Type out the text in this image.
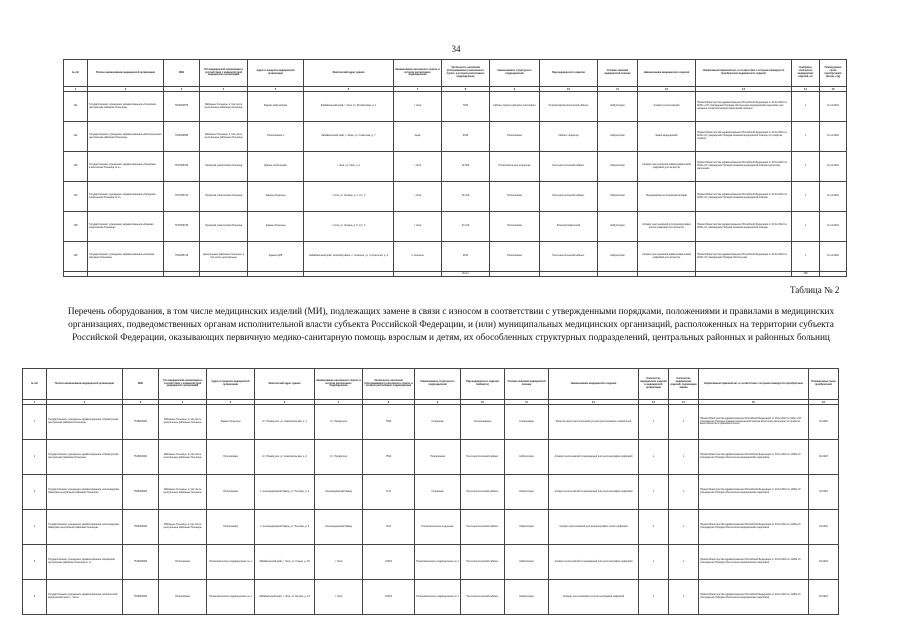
34
№ п/п	Полное наименование медицинской организации	ИНН	Тип медицинской организации в соответствии с номенклатурой медицинских организаций	Адрес в пределах медицинской организации	Фактический адрес здания	Наименование населенного пункта, в котором расположено подразделение	Численность населения (обслуживаемого) населенного пункта, в котором расположено подразделение	Наименование структурного подразделения	Вид медицинского изделия	Условие оказания медицинской помощи	Наименование медицинского изделия	Нормативный правовой акт, в соответствии с которым планируется приобретение медицинского изделия	Требуемое количество медицинских изделий, шт	Планируемые сроки приобретения (месяц, год)
1	2	3	4	5	6	7	8	9	10	11	12	13	14	15
101	Государственное учреждение здравоохранения «Хилокская центральная районная больница»	7524004875	Районные больницы, в том числе центральные районные больницы	Здание амбулатории	Забайкальский край, г. Чита, ул. Богомягкова, д. 1	г. Чита	7003	Кабинет врача-терапевта участкового	Оториноларингологический кабинет	Амбулаторно	Аппарат рентгеновский	Приказ Министерства здравоохранения Российской Федерации от 20.12.2012 № 1183н «Об утверждении Порядка обеспечения медицинскими изделиями для оказания первичной медико-санитарной помощи»	1	11.12.2024
102	Государственное учреждение здравоохранения «Шелопугинская центральная районная больница»	7524009968	Районные больницы, в том числе центральные районные больницы	Поликлиника 1	Забайкальский край, с. Кыра, ул. Советская, д. 7	Кыра	6346	Поликлиника	Кабинет педиатра	Амбулаторно	Шкаф медицинский	Приказ Министерства здравоохранения Российской Федерации от 20.12.2012 № 1183н об утверждении Порядка оказания медицинской помощи по профилю терапия	1	11.12.2024
103	Государственное учреждение здравоохранения «Городская клиническая больница № 1»	7537009763	Городская клиническая больница	Здание поликлиники	г. Чита, ул. Лазо, д. 1	г. Чита	32 366	Поликлиническое отделение	Рентгенологический кабинет	Амбулаторно	Аппарат рентгеновский маммографический цифровой для экспертиз	Приказ Министерства здравоохранения Российской Федерации от 20.12.2012 № 1183н об утверждении Порядка оказания медицинской помощи взрослому населению	1	11.12.2024
104	Государственное учреждение здравоохранения «Городская клиническая больница № 2»	7537009744	Городская клиническая больница	Здание больницы	г. Чита, ул. Ленина, д. 2, стр. 3	г. Чита	26 416	Поликлиника	Рентгенологический кабинет	Амбулаторно	Передвижной рентгеновский аппарат	Приказ Министерства здравоохранения Российской Федерации от 20.12.2012 № 1183н об утверждении Порядка оказания медицинской помощи	1	11.12.2024
105	Государственное учреждение здравоохранения «Краевая клиническая больница»	7537009745	Городская клиническая больница	Здание больницы	г. Чита, ул. Ленина, д. 5, стр. 3	г. Чита	23 416	Поликлиника	Флюорографический	Амбулаторно	Аппарат рентгеновский для флюорографии легких цифровой для экспертиз	Приказ Министерства здравоохранения Российской Федерации от 20.12.2012 № 1183н об утверждении Порядка оказания медицинской помощи	1	11.12.2024
106	Государственное учреждение здравоохранения «Агинская окружная больница»	7531006719	Центральные районные больницы, в том числе центральные	Здание ЦРБ	Забайкальский край, Агинский район, п. Агинское, ул. Строителей, д. 9	п. Агинское	2914	Поликлиника	Рентгенологический кабинет	Амбулаторно	Аппарат рентгеновский маммографический цифровой для экспертиз	Приказ Министерства здравоохранения Российской Федерации от 20.12.2012 № 1183н об утверждении Порядка обеспечения	1	11.12.2022
							Итого						135	
Таблица № 2
Перечень оборудования, в том числе медицинских изделий (МИ), подлежащих замене в связи с износом в соответствии с утвержденными порядками, положениями и правилами в медицинских организациях, подведомственных органам исполнительной власти субъекта Российской Федерации, и (или) муниципальных медицинских организаций, расположенных на территории субъекта Российской Федерации, оказывающих первичную медико-санитарную помощь взрослым и детям, их обособленных структурных подразделений, центральных районных и районных больниц
№ п/п	Полное наименование медицинской организации	ИНН	Тип медицинской организации в соответствии с номенклатурой медицинских организаций	Адрес в пределах медицинской организации	Фактический адрес здания	Наименование населенного пункта, в котором расположено подразделение	Численность населения (обслуживаемого) населенного пункта, в котором расположено подразделение	Наименование структурного подразделения	Вид медицинского изделия (кабинета)	Условие оказания медицинской помощи	Наименование медицинского изделия	Количество медицинских изделий в медицинской организации	Количество медицинских изделий, подлежащих замене	Нормативный правовой акт, в соответствии с которым планируется приобретение	Планируемые сроки приобретения
1	2	3	4	5	6	7	8	9	10	11	12	13	14	15	16
1	Государственное учреждение здравоохранения «Приаргунская центральная районная больница»	7518000000	Районные больницы, в том числе центральные районные больницы	Здание больницы	пгт. Приаргунск, ул. Комсомольская, д. 1	пгт. Приаргунск	7560	Стационар	Оперированное	Стационарно	Монитор анестезиологический для контроля основных показателей	1	1	Приказ Министерства здравоохранения Российской Федерации от 15.11.2012 № 919н «Об утверждении Порядка оказания медицинской помощи взрослому населению по профилю анестезиология и реаниматология»	01.2023
2	Государственное учреждение здравоохранения «Приаргунская центральная районная больница»	7518000000	Районные больницы, в том числе центральные районные больницы	Поликлиника	пгт. Приаргунск, ул. Комсомольская, д. 2	пгт. Приаргунск	7562	Поликлиника	Рентгенологический кабинет	Амбулаторно	Аппарат рентгеновский стационарный для рентгенографии цифровой	1	1	Приказ Министерства здравоохранения Российской Федерации от 20.12.2012 № 1183н об утверждении Порядка обеспечения медицинскими изделиями	02.2023
3	Государственное учреждение здравоохранения «Александрово-Заводская центральная районная больница»	7505000000	Районные больницы, в том числе центральные районные больницы	Поликлиника	с. Александровский Завод, ул. Петрова, д. 9	Александровский Завод	7141	Стационар	Рентгенологический кабинет	Амбулаторно	Аппарат рентгеновский стационарный для рентгенографии цифровой	1	1	Приказ Министерства здравоохранения Российской Федерации от 20.12.2012 № 1183н об утверждении Порядка обеспечения медицинскими изделиями	03.2023
4	Государственное учреждение здравоохранения «Александрово-Заводская центральная районная больница»	7505000000	Районные больницы, в том числе центральные районные больницы	Поликлиника	с. Александровский Завод, ул. Петрова, д. 9	Александровский Завод	7141	Поликлиническое отделение	Рентгенологический кабинет	Амбулаторно	Аппарат рентгеновский для флюорографии легких цифровой	1	1	Приказ Министерства здравоохранения Российской Федерации от 20.12.2012 № 1183н об утверждении Порядка обеспечения медицинскими изделиями	03.2023
5	Государственное учреждение здравоохранения «Каларская центральная районная больница № 1»	7516000000	Поликлиника	Поликлиническое подразделение № 1	Забайкальский край, г. Чита, ул. Горько, д. 30	г. Чита	16433	Поликлиническое подразделение № 1	Рентгенологический кабинет	Амбулаторно	Аппарат рентгеновский стационарный для рентгенографии цифровой	1	1	Приказ Министерства здравоохранения Российской Федерации от 20.12.2012 № 1183н об утверждении Порядка обеспечения медицинскими изделиями	03.2023
6	Государственное учреждение здравоохранения «Клинический медицинский центр г. Читы»	7536000000	Поликлиника	Поликлиническое подразделение № 1	Забайкальский край, г. Чита, ул. Бутина, д. 12	г. Чита	16433	Поликлиническое подразделение № 1	Рентгенологический кабинет	Амбулаторно	Аппарат рентгеновский для рентгенографии цифровой	1	1	Приказ Министерства здравоохранения Российской Федерации от 20.12.2012 № 1183н об утверждении Порядка обеспечения медицинскими изделиями	03.2023
